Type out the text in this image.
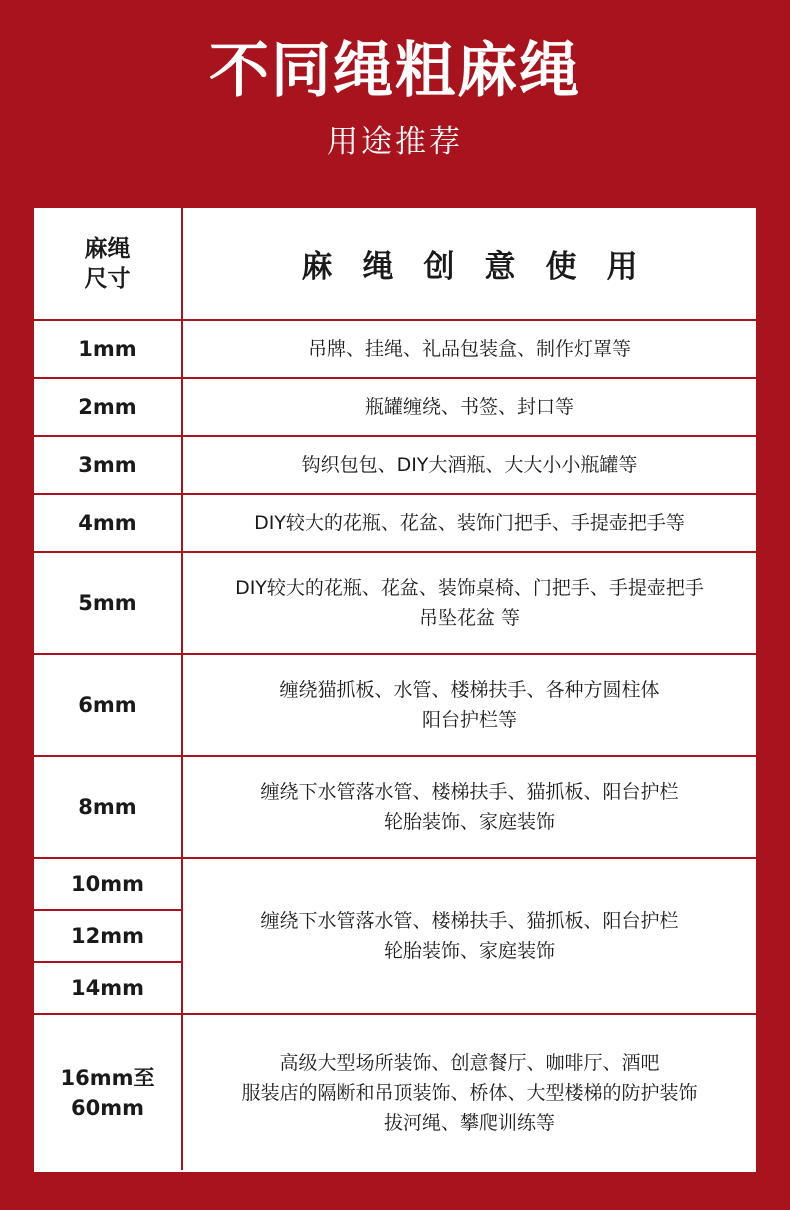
不同绳粗麻绳
用途推荐
麻绳
尺寸	麻绳创意使用
1mm	吊牌、挂绳、礼品包装盒、制作灯罩等

2mm	瓶罐缠绕、书签、封口等

3mm	钩织包包、DIY大酒瓶、大大小小瓶罐等

4mm	DIY较大的花瓶、花盆、装饰门把手、手提壶把手等

5mm	DIY较大的花瓶、花盆、装饰桌椅、门把手、手提壶把手
吊坠花盆 等

6mm	缠绕猫抓板、水管、楼梯扶手、各种方圆柱体
阳台护栏等

8mm	缠绕下水管落水管、楼梯扶手、猫抓板、阳台护栏
轮胎装饰、家庭装饰

10mm	缠绕下水管落水管、楼梯扶手、猫抓板、阳台护栏
轮胎装饰、家庭装饰

12mm	
14mm	

16mm至
60mm	高级大型场所装饰、创意餐厅、咖啡厅、酒吧
服装店的隔断和吊顶装饰、桥体、大型楼梯的防护装饰
拔河绳、攀爬训练等
